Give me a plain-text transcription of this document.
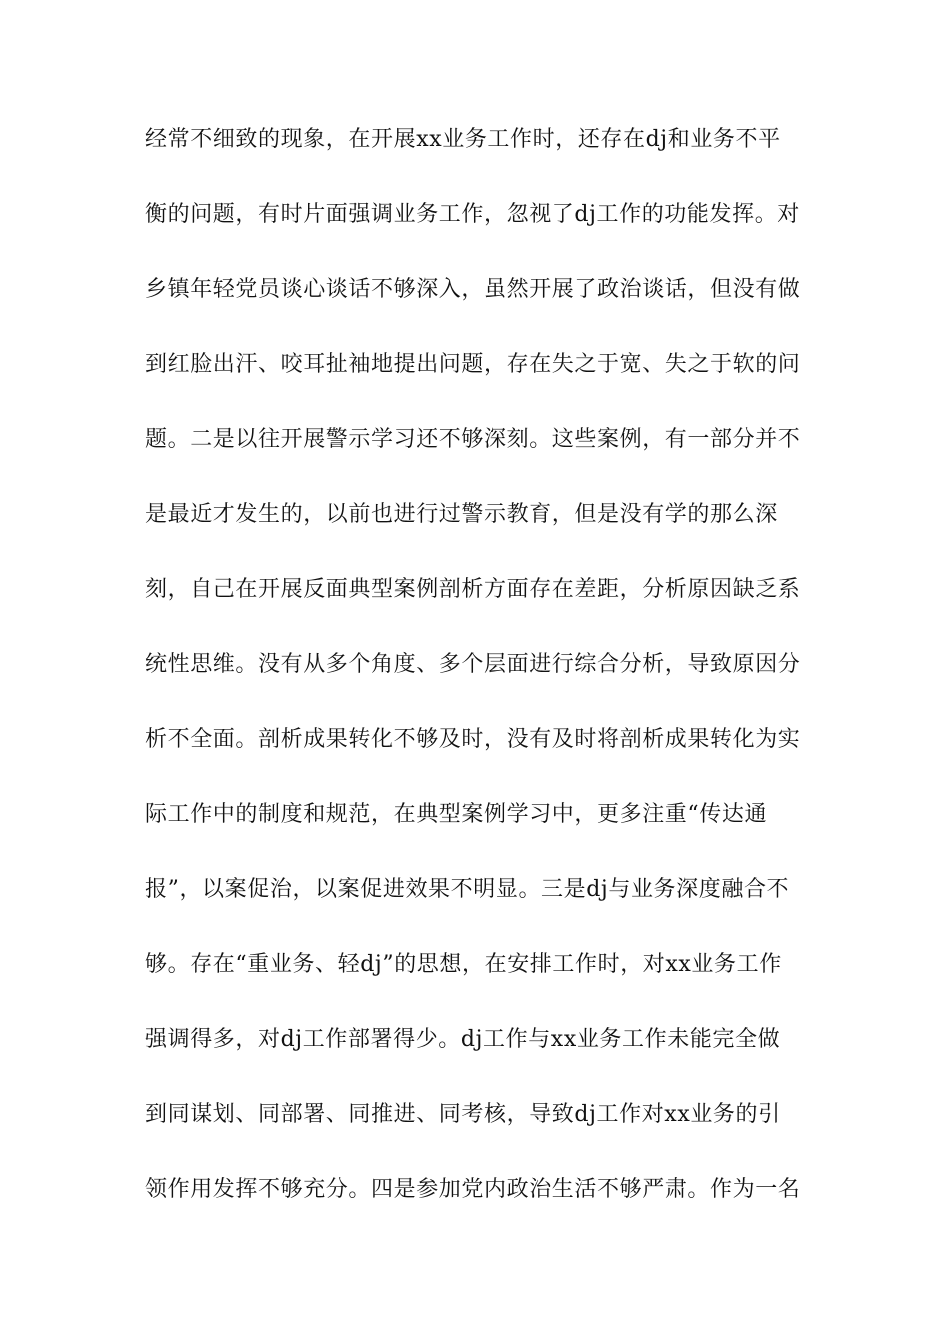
经常不细致的现象，在开展xx业务工作时，还存在dj和业务不平
衡的问题，有时片面强调业务工作，忽视了dj工作的功能发挥。对
乡镇年轻党员谈心谈话不够深入，虽然开展了政治谈话，但没有做
到红脸出汗、咬耳扯袖地提出问题，存在失之于宽、失之于软的问
题。二是以往开展警示学习还不够深刻。这些案例，有一部分并不
是最近才发生的，以前也进行过警示教育，但是没有学的那么深
刻，自己在开展反面典型案例剖析方面存在差距，分析原因缺乏系
统性思维。没有从多个角度、多个层面进行综合分析，导致原因分
析不全面。剖析成果转化不够及时，没有及时将剖析成果转化为实
际工作中的制度和规范，在典型案例学习中，更多注重“传达通
报”，以案促治，以案促进效果不明显。三是dj与业务深度融合不
够。存在“重业务、轻dj”的思想，在安排工作时，对xx业务工作
强调得多，对dj工作部署得少。dj工作与xx业务工作未能完全做
到同谋划、同部署、同推进、同考核，导致dj工作对xx业务的引
领作用发挥不够充分。四是参加党内政治生活不够严肃。作为一名
